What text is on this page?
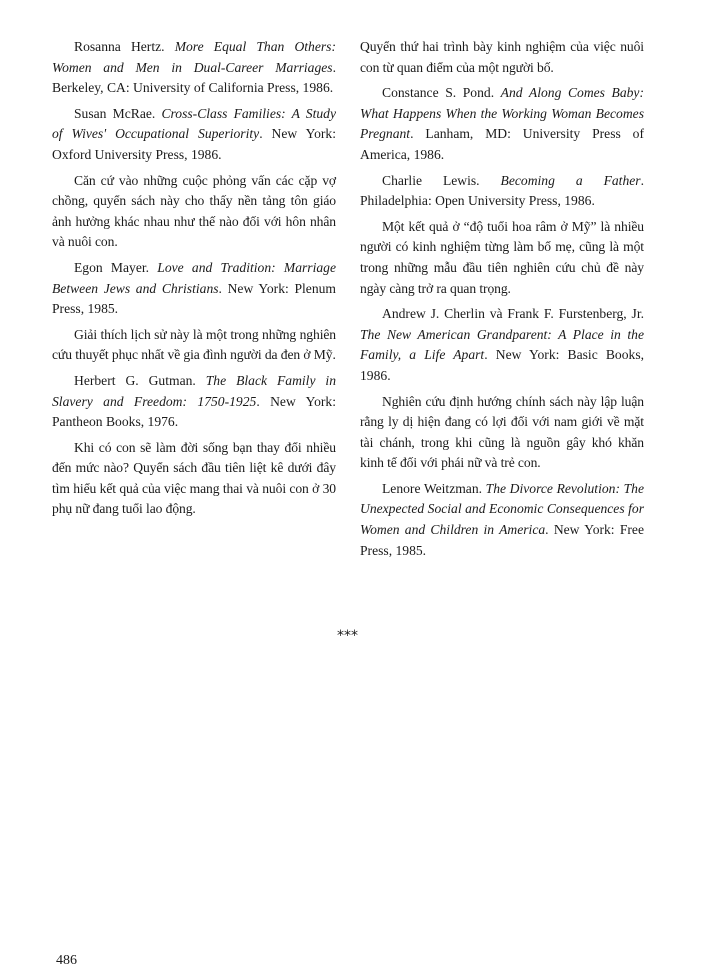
Rosanna Hertz. More Equal Than Others: Women and Men in Dual-Career Marriages. Berkeley, CA: University of California Press, 1986.

Susan McRae. Cross-Class Families: A Study of Wives' Occupational Superiority. New York: Oxford University Press, 1986.

Căn cứ vào những cuộc phỏng vấn các cặp vợ chồng, quyển sách này cho thấy nền tảng tôn giáo ảnh hưởng khác nhau như thế nào đối với hôn nhân và nuôi con.

Egon Mayer. Love and Tradition: Marriage Between Jews and Christians. New York: Plenum Press, 1985.

Giải thích lịch sử này là một trong những nghiên cứu thuyết phục nhất về gia đình người da đen ở Mỹ.

Herbert G. Gutman. The Black Family in Slavery and Freedom: 1750-1925. New York: Pantheon Books, 1976.

Khi có con sẽ làm đời sống bạn thay đổi nhiều đến mức nào? Quyển sách đầu tiên liệt kê dưới đây tìm hiểu kết quả của việc mang thai và nuôi con ở 30 phụ nữ đang tuổi lao động.

Quyển thứ hai trình bày kinh nghiệm của việc nuôi con từ quan điểm của một người bố.

Constance S. Pond. And Along Comes Baby: What Happens When the Working Woman Becomes Pregnant. Lanham, MD: University Press of America, 1986.

Charlie Lewis. Becoming a Father. Philadelphia: Open University Press, 1986.

Một kết quả ở “độ tuổi hoa râm ở Mỹ” là nhiều người có kinh nghiệm từng làm bố mẹ, cũng là một trong những mẫu đầu tiên nghiên cứu chủ đề này ngày càng trở ra quan trọng.

Andrew J. Cherlin và Frank F. Furstenberg, Jr. The New American Grandparent: A Place in the Family, a Life Apart. New York: Basic Books, 1986.

Nghiên cứu định hướng chính sách này lập luận rằng ly dị hiện đang có lợi đối với nam giới về mặt tài chánh, trong khi cũng là nguồn gây khó khăn kinh tế đối với phái nữ và trẻ con.

Lenore Weitzman. The Divorce Revolution: The Unexpected Social and Economic Consequences for Women and Children in America. New York: Free Press, 1985.

***
486
